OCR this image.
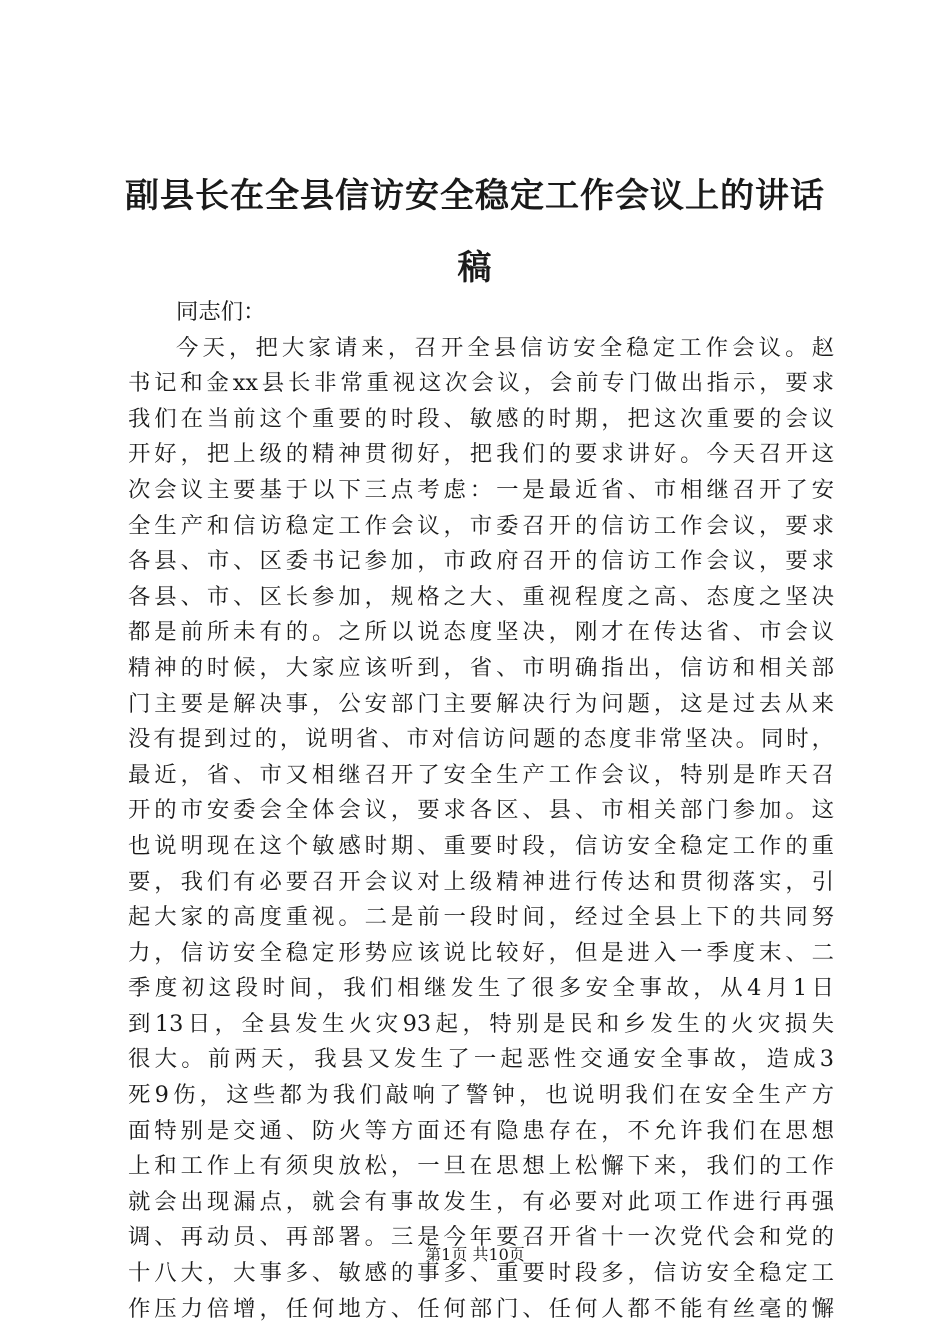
副县长在全县信访安全稳定工作会议上的讲话
稿
同志们：
今天，把大家请来，召开全县信访安全稳定工作会议。赵
书记和金xx县长非常重视这次会议，会前专门做出指示，要求
我们在当前这个重要的时段、敏感的时期，把这次重要的会议
开好，把上级的精神贯彻好，把我们的要求讲好。今天召开这
次会议主要基于以下三点考虑：一是最近省、市相继召开了安
全生产和信访稳定工作会议，市委召开的信访工作会议，要求
各县、市、区委书记参加，市政府召开的信访工作会议，要求
各县、市、区长参加，规格之大、重视程度之高、态度之坚决
都是前所未有的。之所以说态度坚决，刚才在传达省、市会议
精神的时候，大家应该听到，省、市明确指出，信访和相关部
门主要是解决事，公安部门主要解决行为问题，这是过去从来
没有提到过的，说明省、市对信访问题的态度非常坚决。同时，
最近，省、市又相继召开了安全生产工作会议，特别是昨天召
开的市安委会全体会议，要求各区、县、市相关部门参加。这
也说明现在这个敏感时期、重要时段，信访安全稳定工作的重
要，我们有必要召开会议对上级精神进行传达和贯彻落实，引
起大家的高度重视。二是前一段时间，经过全县上下的共同努
力，信访安全稳定形势应该说比较好，但是进入一季度末、二
季度初这段时间，我们相继发生了很多安全事故，从4月1日
到13日，全县发生火灾93起，特别是民和乡发生的火灾损失
很大。前两天，我县又发生了一起恶性交通安全事故，造成3
死9伤，这些都为我们敲响了警钟，也说明我们在安全生产方
面特别是交通、防火等方面还有隐患存在，不允许我们在思想
上和工作上有须臾放松，一旦在思想上松懈下来，我们的工作
就会出现漏点，就会有事故发生，有必要对此项工作进行再强
调、再动员、再部署。三是今年要召开省十一次党代会和党的
十八大，大事多、敏感的事多、重要时段多，信访安全稳定工
作压力倍增，任何地方、任何部门、任何人都不能有丝毫的懈
第1页 共10页
